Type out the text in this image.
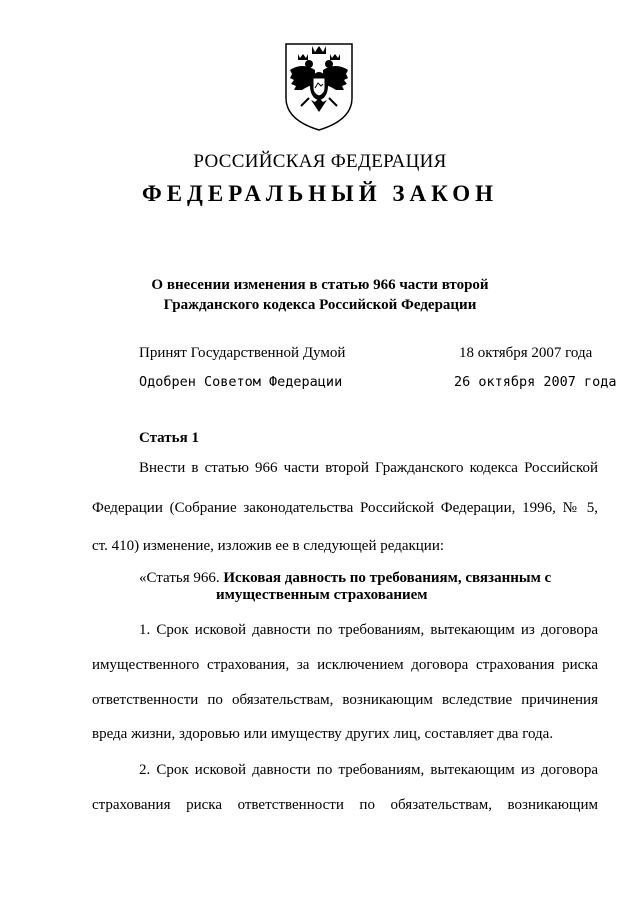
РОССИЙСКАЯ ФЕДЕРАЦИЯ
ФЕДЕРАЛЬНЫЙ ЗАКОН
О внесении изменения в статью 966 части второй
Гражданского кодекса Российской Федерации
Принят Государственной Думой	18 октября 2007 года
Одобрен Советом Федерации	26 октября 2007 года
Статья 1
Внести в статью 966 части второй Гражданского кодекса Российской
Федерации (Собрание законодательства Российской Федерации, 1996, № 5,
ст. 410) изменение, изложив ее в следующей редакции:
«Статья 966. Исковая давность по требованиям, связанным с
имущественным страхованием
1. Срок исковой давности по требованиям, вытекающим из договора
имущественного страхования, за исключением договора страхования риска
ответственности по обязательствам, возникающим вследствие причинения
вреда жизни, здоровью или имуществу других лиц, составляет два года.
2. Срок исковой давности по требованиям, вытекающим из договора
страхования риска ответственности по обязательствам, возникающим
